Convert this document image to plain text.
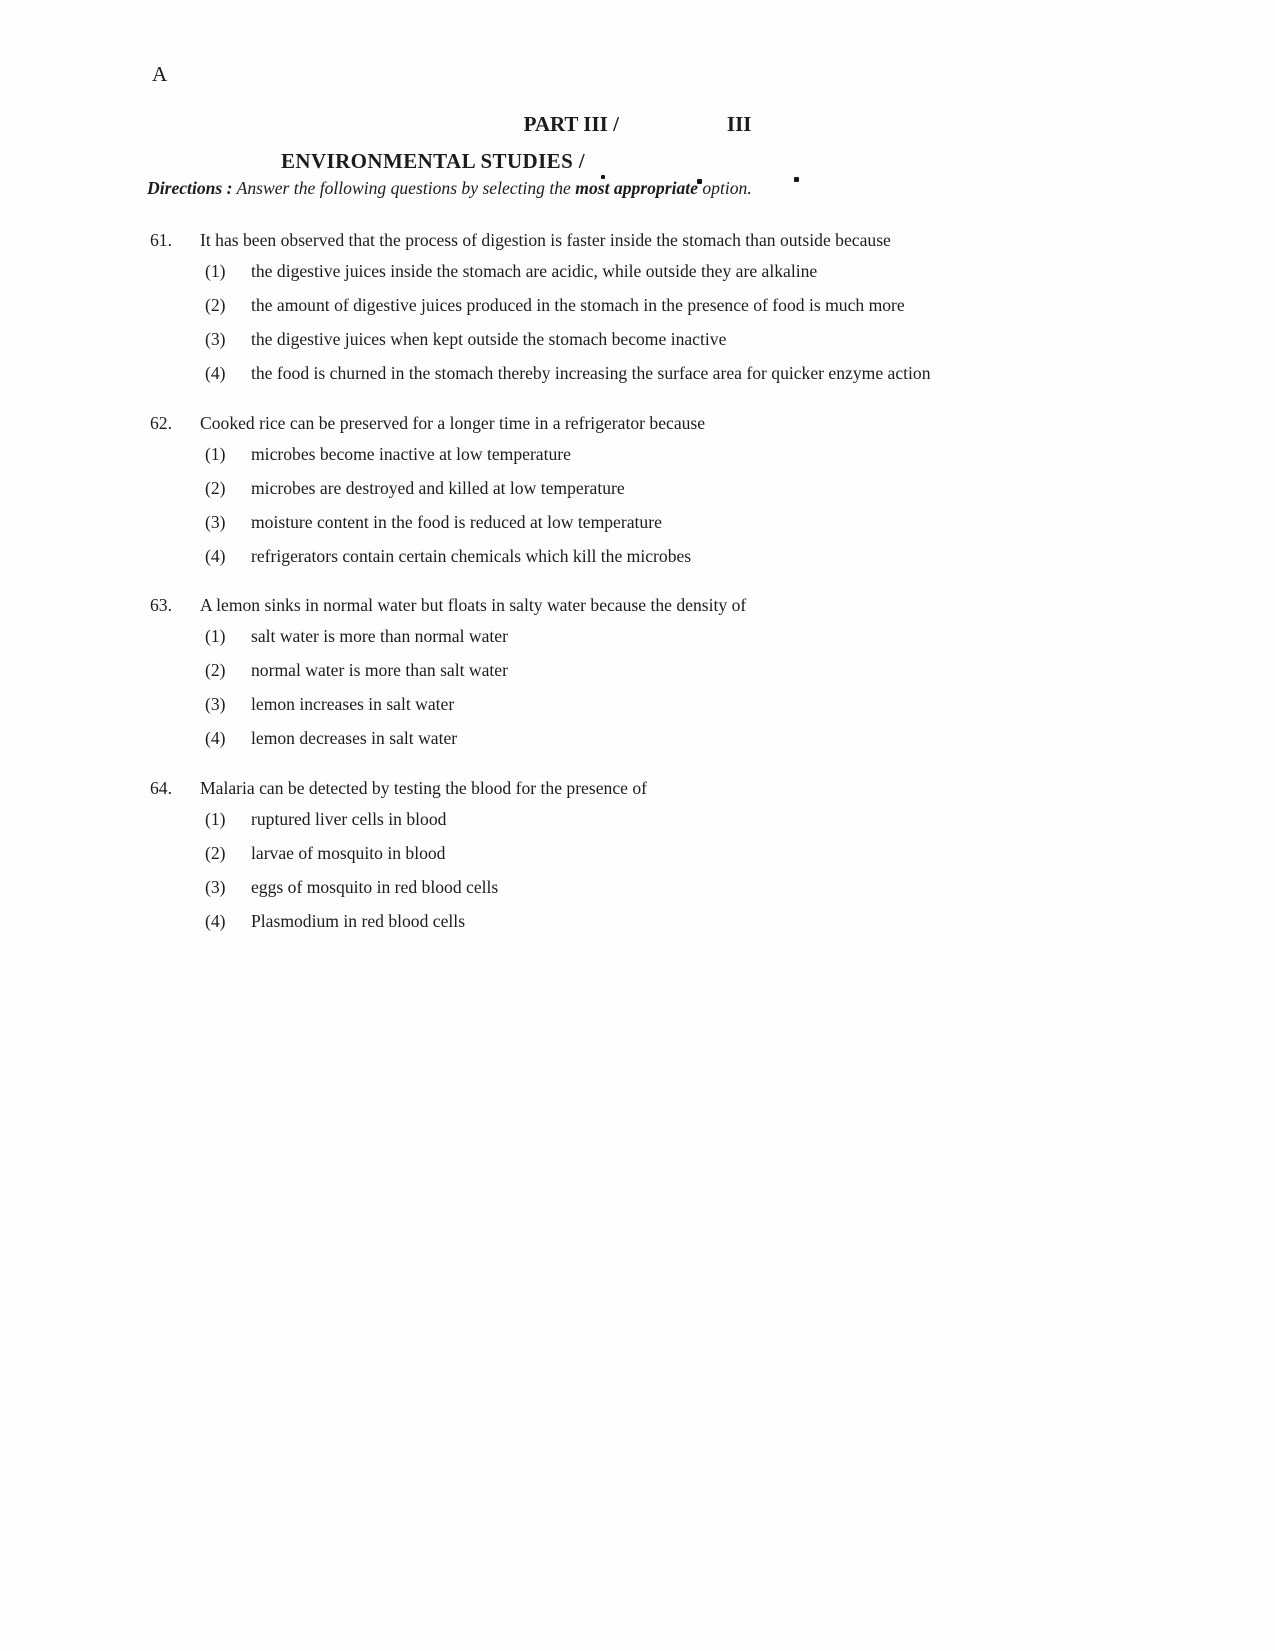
A
PART III /	III
ENVIRONMENTAL STUDIES /
Directions : Answer the following questions by selecting the most appropriate option.
61.	It has been observed that the process of digestion is faster inside the stomach than outside because
(1)	the digestive juices inside the stomach are acidic, while outside they are alkaline
(2)	the amount of digestive juices produced in the stomach in the presence of food is much more
(3)	the digestive juices when kept outside the stomach become inactive
(4)	the food is churned in the stomach thereby increasing the surface area for quicker enzyme action
62.	Cooked rice can be preserved for a longer time in a refrigerator because
(1)	microbes become inactive at low temperature
(2)	microbes are destroyed and killed at low temperature
(3)	moisture content in the food is reduced at low temperature
(4)	refrigerators contain certain chemicals which kill the microbes
63.	A lemon sinks in normal water but floats in salty water because the density of
(1)	salt water is more than normal water
(2)	normal water is more than salt water
(3)	lemon increases in salt water
(4)	lemon decreases in salt water
64.	Malaria can be detected by testing the blood for the presence of
(1)	ruptured liver cells in blood
(2)	larvae of mosquito in blood
(3)	eggs of mosquito in red blood cells
(4)	Plasmodium in red blood cells
